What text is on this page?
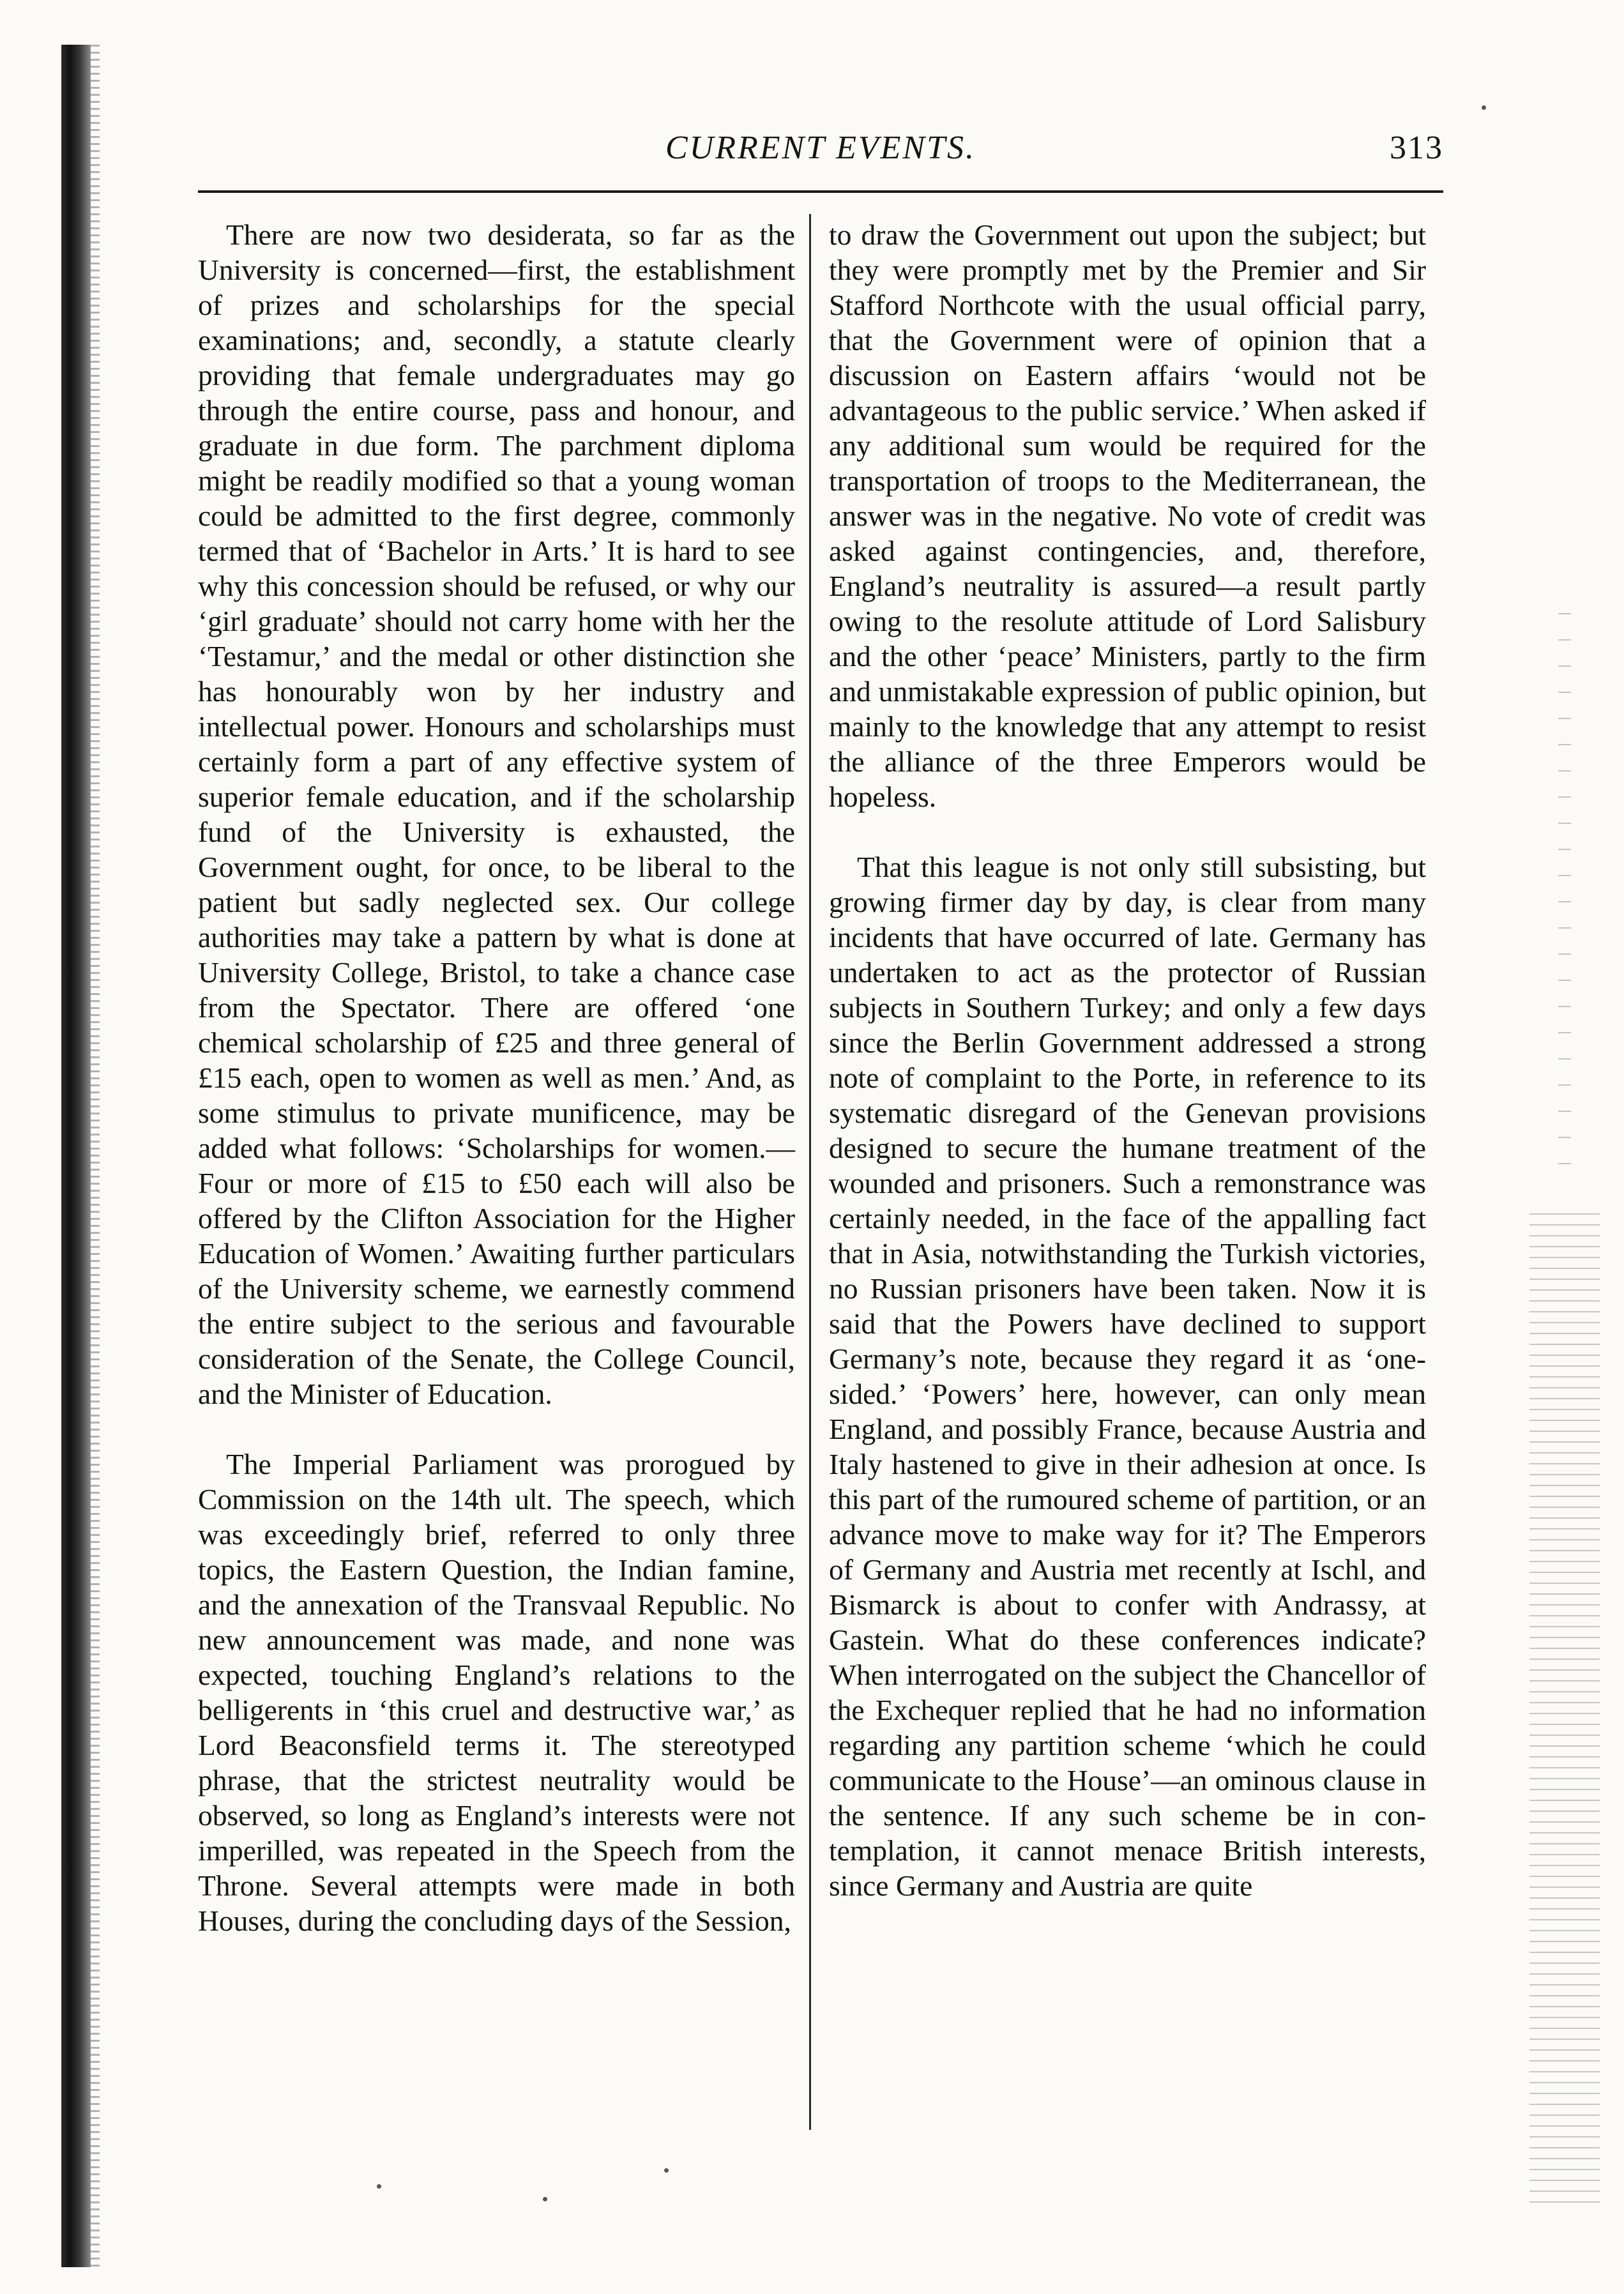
CURRENT EVENTS.	313

There are now two desiderata, so far as the University is concerned—first, the establishment of prizes and scholarships for the special examinations; and, secondly, a statute clearly providing that female undergraduates may go through the entire course, pass and honour, and graduate in due form. The parchment diploma might be readily modified so that a young woman could be admitted to the first degree, commonly termed that of ‘Bachelor in Arts.’ It is hard to see why this concession should be refused, or why our ‘girl graduate’ should not carry home with her the ‘Testamur,’ and the medal or other distinction she has honourably won by her industry and intellectual power. Honours and scholarships must certainly form a part of any effective system of superior female education, and if the scholarship fund of the University is exhausted, the Government ought, for once, to be liberal to the patient but sadly neglected sex. Our college authorities may take a pattern by what is done at University College, Bristol, to take a chance case from the Spectator. There are offered ‘one chemical scholarship of £25 and three general of £15 each, open to women as well as men.’ And, as some stimulus to private munificence, may be added what follows: ‘Scholarships for women.—Four or more of £15 to £50 each will also be offered by the Clifton Association for the Higher Education of Women.’ Awaiting further particulars of the University scheme, we earnestly commend the entire subject to the serious and favourable consideration of the Senate, the College Council, and the Minister of Education.

The Imperial Parliament was prorogued by Commission on the 14th ult. The speech, which was exceedingly brief, referred to only three topics, the Eastern Question, the Indian famine, and the annexation of the Transvaal Republic. No new announcement was made, and none was expected, touching England’s relations to the belligerents in ‘this cruel and destructive war,’ as Lord Beaconsfield terms it. The stereotyped phrase, that the strictest neutrality would be observed, so long as England’s interests were not imperilled, was repeated in the Speech from the Throne. Several attempts were made in both Houses, during the concluding days of the Session,

to draw the Government out upon the subject; but they were promptly met by the Premier and Sir Stafford Northcote with the usual official parry, that the Government were of opinion that a discussion on Eastern affairs ‘would not be advantageous to the public service.’ When asked if any additional sum would be required for the transportation of troops to the Mediterranean, the answer was in the negative. No vote of credit was asked against contingencies, and, therefore, England’s neutrality is assured—a result partly owing to the resolute attitude of Lord Salisbury and the other ‘peace’ Ministers, partly to the firm and unmistakable expression of public opinion, but mainly to the knowledge that any attempt to resist the alliance of the three Emperors would be hopeless.

That this league is not only still subsisting, but growing firmer day by day, is clear from many incidents that have occurred of late. Germany has undertaken to act as the protector of Russian subjects in Southern Turkey; and only a few days since the Berlin Government addressed a strong note of complaint to the Porte, in reference to its systematic disregard of the Genevan provisions designed to secure the humane treatment of the wounded and prisoners. Such a remonstrance was certainly needed, in the face of the appalling fact that in Asia, notwithstanding the Turkish victories, no Russian prisoners have been taken. Now it is said that the Powers have declined to support Germany’s note, because they regard it as ‘one-sided.’ ‘Powers’ here, however, can only mean England, and possibly France, because Austria and Italy hastened to give in their adhesion at once. Is this part of the rumoured scheme of partition, or an advance move to make way for it? The Emperors of Germany and Austria met recently at Ischl, and Bismarck is about to confer with Andrassy, at Gastein. What do these conferences indicate? When interrogated on the subject the Chancellor of the Exchequer replied that he had no information regarding any partition scheme ‘which he could communicate to the House’—an ominous clause in the sentence. If any such scheme be in contemplation, it cannot menace British interests, since Germany and Austria are quite
